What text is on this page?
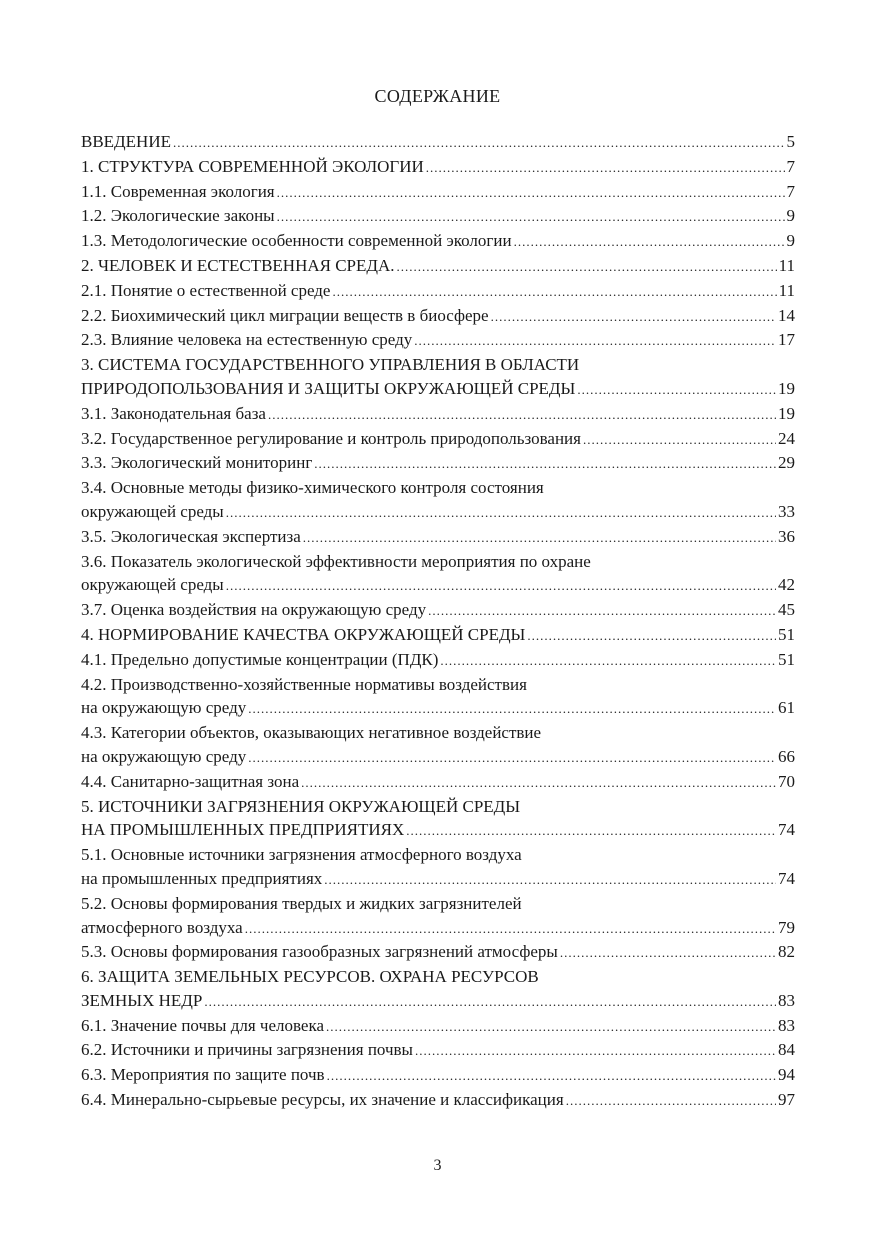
СОДЕРЖАНИЕ
ВВЕДЕНИЕ .....	5
1. СТРУКТУРА СОВРЕМЕННОЙ ЭКОЛОГИИ .....	7
1.1. Современная экология .....	7
1.2. Экологические законы .....	9
1.3. Методологические особенности современной экологии .....	9
2. ЧЕЛОВЕК И ЕСТЕСТВЕННАЯ СРЕДА. .....	11
2.1. Понятие о естественной среде .....	11
2.2. Биохимический цикл миграции веществ в биосфере .....	14
2.3. Влияние человека на естественную среду .....	17
3. СИСТЕМА ГОСУДАРСТВЕННОГО УПРАВЛЕНИЯ В ОБЛАСТИ
ПРИРОДОПОЛЬЗОВАНИЯ И ЗАЩИТЫ ОКРУЖАЮЩЕЙ СРЕДЫ .....	19
3.1. Законодательная база .....	19
3.2. Государственное регулирование и контроль природопользования .....	24
3.3. Экологический мониторинг .....	29
3.4. Основные методы физико-химического контроля состояния
окружающей среды .....	33
3.5. Экологическая экспертиза .....	36
3.6. Показатель экологической эффективности мероприятия по охране
окружающей среды .....	42
3.7. Оценка воздействия на окружающую среду .....	45
4. НОРМИРОВАНИЕ КАЧЕСТВА ОКРУЖАЮЩЕЙ СРЕДЫ .....	51
4.1. Предельно допустимые концентрации (ПДК) .....	51
4.2. Производственно-хозяйственные нормативы воздействия
на окружающую среду .....	61
4.3. Категории объектов, оказывающих негативное воздействие
на окружающую среду .....	66
4.4. Санитарно-защитная зона .....	70
5. ИСТОЧНИКИ ЗАГРЯЗНЕНИЯ ОКРУЖАЮЩЕЙ СРЕДЫ
НА ПРОМЫШЛЕННЫХ ПРЕДПРИЯТИЯХ .....	74
5.1. Основные источники загрязнения атмосферного воздуха
на промышленных предприятиях .....	74
5.2. Основы формирования твердых и жидких загрязнителей
атмосферного воздуха .....	79
5.3. Основы формирования газообразных загрязнений атмосферы .....	82
6. ЗАЩИТА ЗЕМЕЛЬНЫХ РЕСУРСОВ. ОХРАНА РЕСУРСОВ
ЗЕМНЫХ НЕДР .....	83
6.1. Значение почвы для человека .....	83
6.2. Источники и причины загрязнения почвы .....	84
6.3. Мероприятия по защите почв .....	94
6.4. Минерально-сырьевые ресурсы, их значение и классификация .....	97
3
